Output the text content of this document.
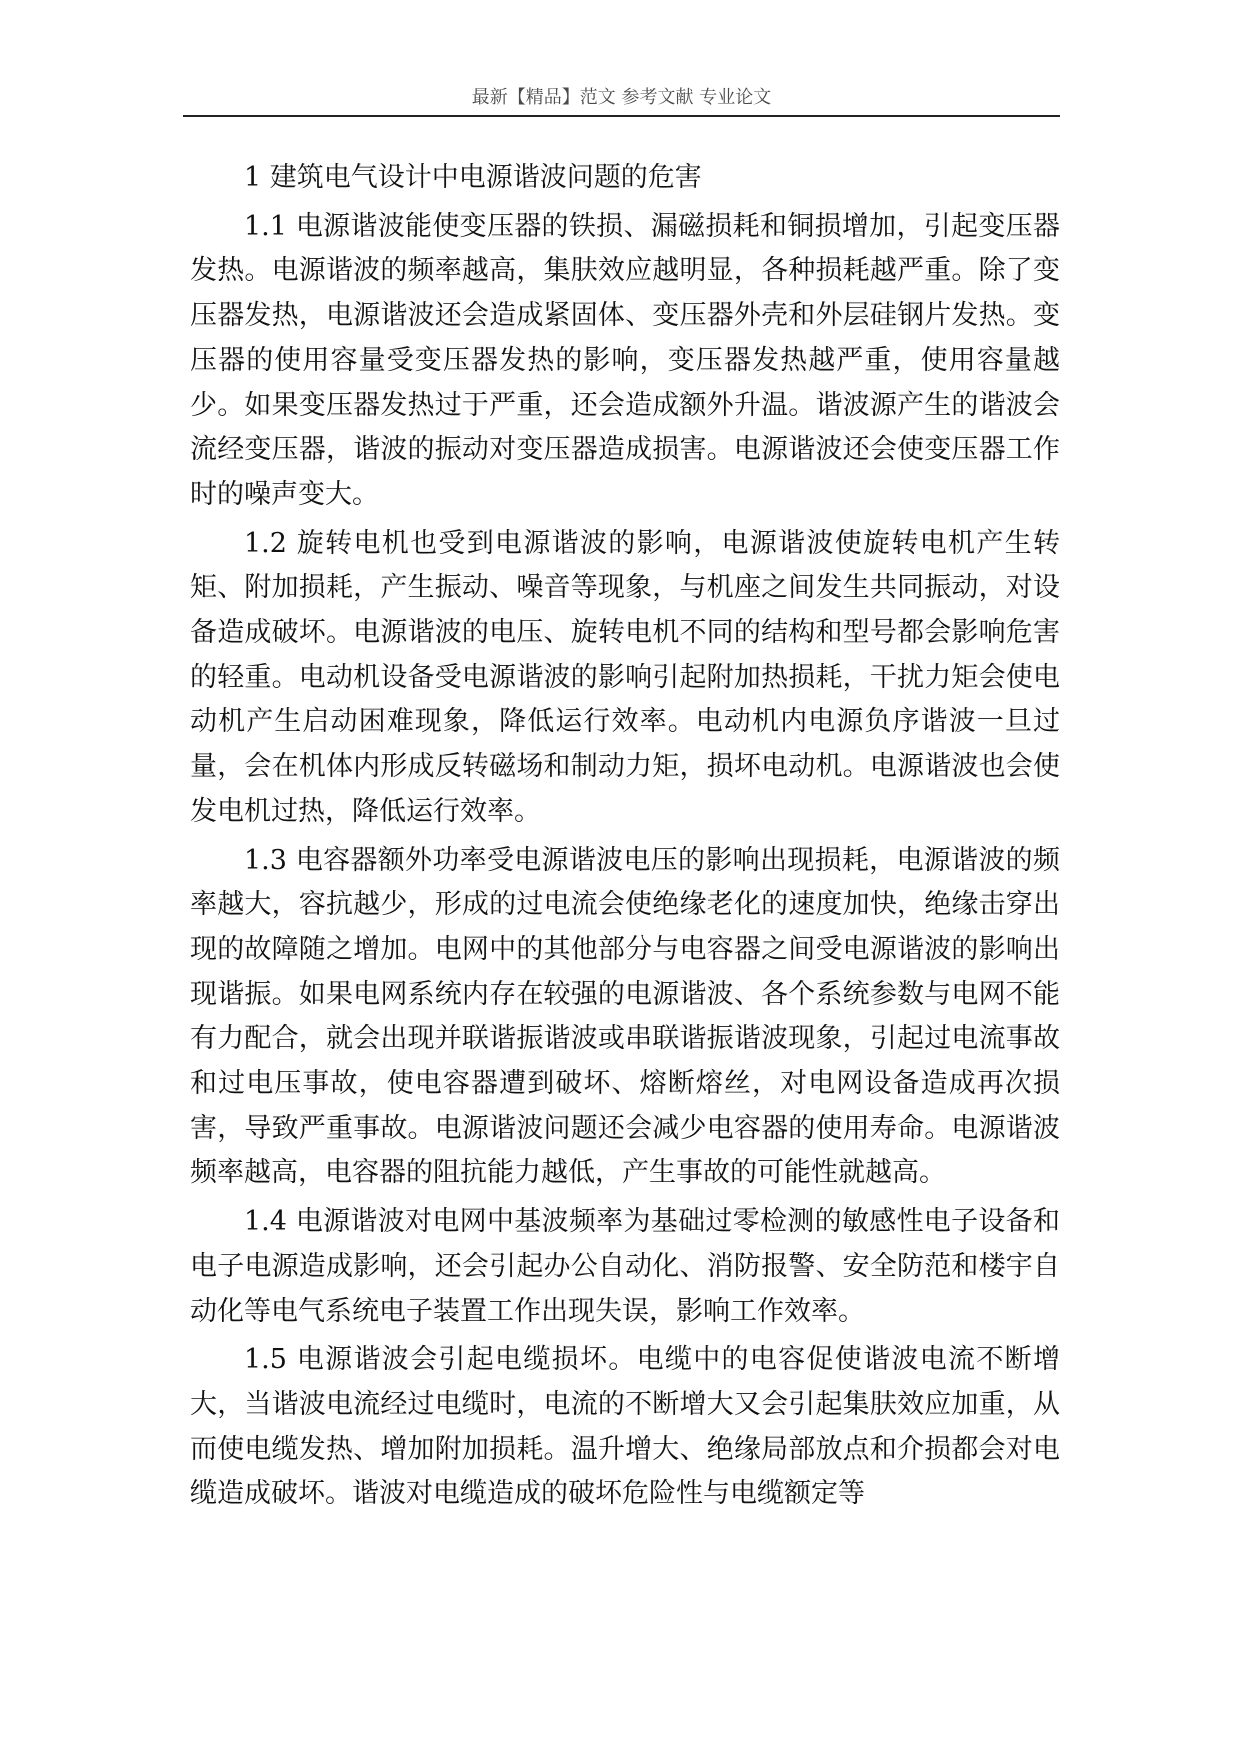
最新【精品】范文 参考文献 专业论文
1 建筑电气设计中电源谐波问题的危害

1.1 电源谐波能使变压器的铁损、漏磁损耗和铜损增加，引起变压器发热。电源谐波的频率越高，集肤效应越明显，各种损耗越严重。除了变压器发热，电源谐波还会造成紧固体、变压器外壳和外层硅钢片发热。变压器的使用容量受变压器发热的影响，变压器发热越严重，使用容量越少。如果变压器发热过于严重，还会造成额外升温。谐波源产生的谐波会流经变压器，谐波的振动对变压器造成损害。电源谐波还会使变压器工作时的噪声变大。

1.2 旋转电机也受到电源谐波的影响，电源谐波使旋转电机产生转矩、附加损耗，产生振动、噪音等现象，与机座之间发生共同振动，对设备造成破坏。电源谐波的电压、旋转电机不同的结构和型号都会影响危害的轻重。电动机设备受电源谐波的影响引起附加热损耗，干扰力矩会使电动机产生启动困难现象，降低运行效率。电动机内电源负序谐波一旦过量，会在机体内形成反转磁场和制动力矩，损坏电动机。电源谐波也会使发电机过热，降低运行效率。

1.3 电容器额外功率受电源谐波电压的影响出现损耗，电源谐波的频率越大，容抗越少，形成的过电流会使绝缘老化的速度加快，绝缘击穿出现的故障随之增加。电网中的其他部分与电容器之间受电源谐波的影响出现谐振。如果电网系统内存在较强的电源谐波、各个系统参数与电网不能有力配合，就会出现并联谐振谐波或串联谐振谐波现象，引起过电流事故和过电压事故，使电容器遭到破坏、熔断熔丝，对电网设备造成再次损害，导致严重事故。电源谐波问题还会减少电容器的使用寿命。电源谐波频率越高，电容器的阻抗能力越低，产生事故的可能性就越高。

1.4 电源谐波对电网中基波频率为基础过零检测的敏感性电子设备和电子电源造成影响，还会引起办公自动化、消防报警、安全防范和楼宇自动化等电气系统电子装置工作出现失误，影响工作效率。

1.5 电源谐波会引起电缆损坏。电缆中的电容促使谐波电流不断增大，当谐波电流经过电缆时，电流的不断增大又会引起集肤效应加重，从而使电缆发热、增加附加损耗。温升增大、绝缘局部放点和介损都会对电缆造成破坏。谐波对电缆造成的破坏危险性与电缆额定等
